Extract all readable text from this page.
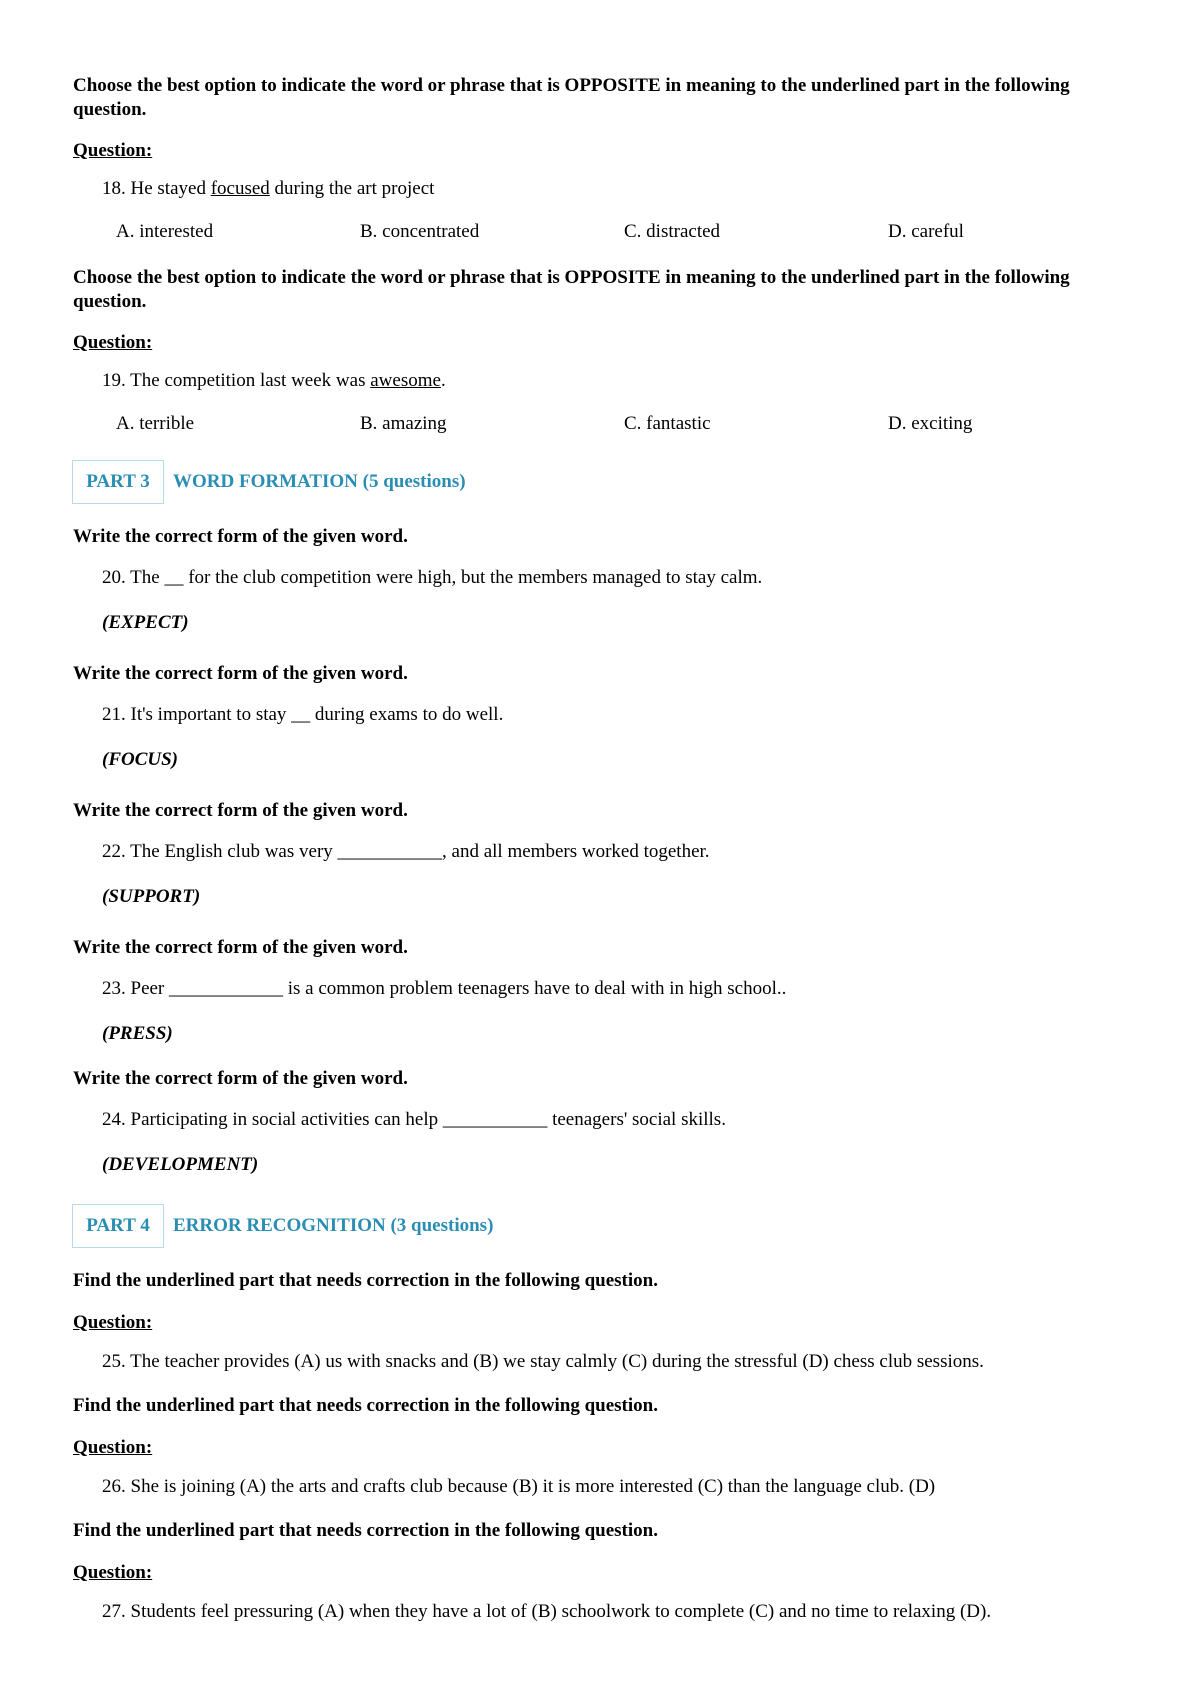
Choose the best option to indicate the word or phrase that is OPPOSITE in meaning to the underlined part in the following question.
Question:
18. He stayed focused during the art project
A. interested	B. concentrated	C. distracted	D. careful
Choose the best option to indicate the word or phrase that is OPPOSITE in meaning to the underlined part in the following question.
Question:
19. The competition last week was awesome.
A. terrible	B. amazing	C. fantastic	D. exciting
PART 3	WORD FORMATION (5 questions)
Write the correct form of the given word.
20. The __ for the club competition were high, but the members managed to stay calm.
(EXPECT)
Write the correct form of the given word.
21. It's important to stay __ during exams to do well.
(FOCUS)
Write the correct form of the given word.
22. The English club was very ___________, and all members worked together.
(SUPPORT)
Write the correct form of the given word.
23. Peer ____________ is a common problem teenagers have to deal with in high school..
(PRESS)
Write the correct form of the given word.
24. Participating in social activities can help ___________ teenagers' social skills.
(DEVELOPMENT)
PART 4	ERROR RECOGNITION (3 questions)
Find the underlined part that needs correction in the following question.
Question:
25. The teacher provides (A) us with snacks and (B) we stay calmly (C) during the stressful (D) chess club sessions.
Find the underlined part that needs correction in the following question.
Question:
26. She is joining (A) the arts and crafts club because (B) it is more interested (C) than the language club. (D)
Find the underlined part that needs correction in the following question.
Question:
27. Students feel pressuring (A) when they have a lot of (B) schoolwork to complete (C) and no time to relaxing (D).
